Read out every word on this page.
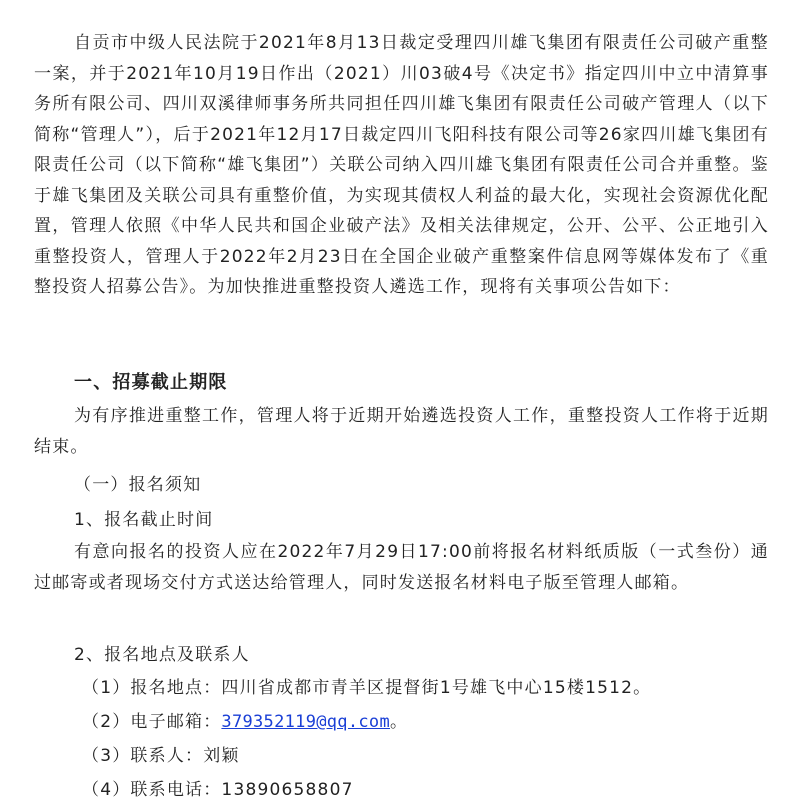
自贡市中级人民法院于2021年8月13日裁定受理四川雄飞集团有限责任公司破产重整一案，并于2021年10月19日作出（2021）川03破4号《决定书》指定四川中立中清算事务所有限公司、四川双溪律师事务所共同担任四川雄飞集团有限责任公司破产管理人（以下简称“管理人”），后于2021年12月17日裁定四川飞阳科技有限公司等26家四川雄飞集团有限责任公司（以下简称“雄飞集团”）关联公司纳入四川雄飞集团有限责任公司合并重整。鉴于雄飞集团及关联公司具有重整价值，为实现其债权人利益的最大化，实现社会资源优化配置，管理人依照《中华人民共和国企业破产法》及相关法律规定，公开、公平、公正地引入重整投资人，管理人于2022年2月23日在全国企业破产重整案件信息网等媒体发布了《重整投资人招募公告》。为加快推进重整投资人遴选工作，现将有关事项公告如下：

一、招募截止期限

为有序推进重整工作，管理人将于近期开始遴选投资人工作，重整投资人工作将于近期结束。

（一）报名须知

1、报名截止时间

有意向报名的投资人应在2022年7月29日17:00前将报名材料纸质版（一式叁份）通过邮寄或者现场交付方式送达给管理人，同时发送报名材料电子版至管理人邮箱。

2、报名地点及联系人

（1）报名地点：四川省成都市青羊区提督街1号雄飞中心15楼1512。

（2）电子邮箱：379352119@qq.com。

（3）联系人：刘颖

（4）联系电话：13890658807
